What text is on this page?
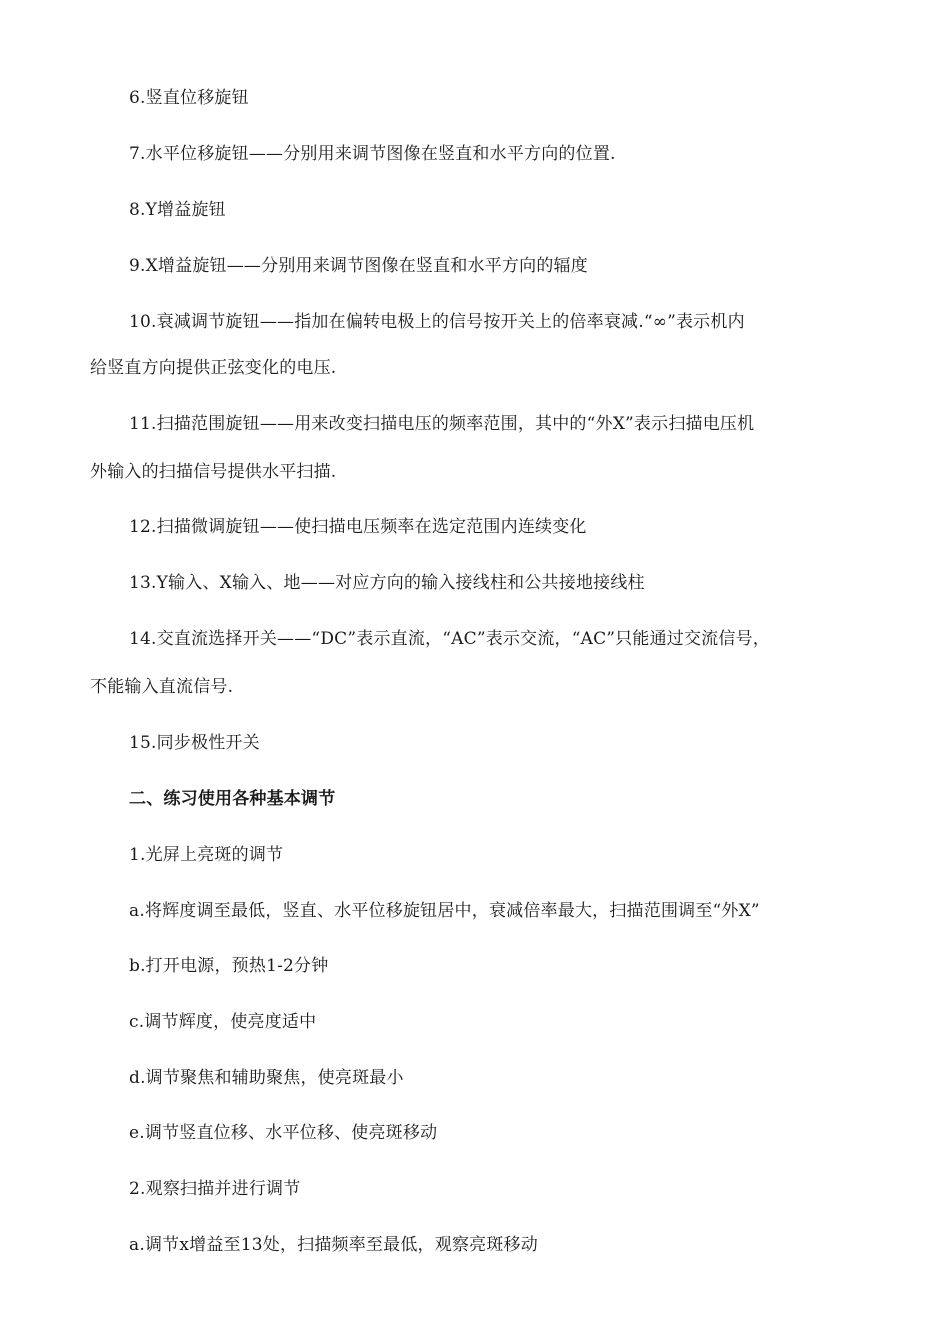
6.竖直位移旋钮
7.水平位移旋钮——分别用来调节图像在竖直和水平方向的位置.
8.Y增益旋钮
9.X增益旋钮——分别用来调节图像在竖直和水平方向的辐度
10.衰减调节旋钮——指加在偏转电极上的信号按开关上的倍率衰减.“∞”表示机内
给竖直方向提供正弦变化的电压.
11.扫描范围旋钮——用来改变扫描电压的频率范围，其中的“外X”表示扫描电压机
外输入的扫描信号提供水平扫描.
12.扫描微调旋钮——使扫描电压频率在选定范围内连续变化
13.Y输入、X输入、地——对应方向的输入接线柱和公共接地接线柱
14.交直流选择开关——“DC”表示直流，“AC”表示交流，“AC”只能通过交流信号，
不能输入直流信号.
15.同步极性开关
二、练习使用各种基本调节
1.光屏上亮斑的调节
a.将辉度调至最低，竖直、水平位移旋钮居中，衰减倍率最大，扫描范围调至“外X”
b.打开电源，预热1-2分钟
c.调节辉度，使亮度适中
d.调节聚焦和辅助聚焦，使亮斑最小
e.调节竖直位移、水平位移、使亮斑移动
2.观察扫描并进行调节
a.调节x增益至13处，扫描频率至最低，观察亮斑移动
